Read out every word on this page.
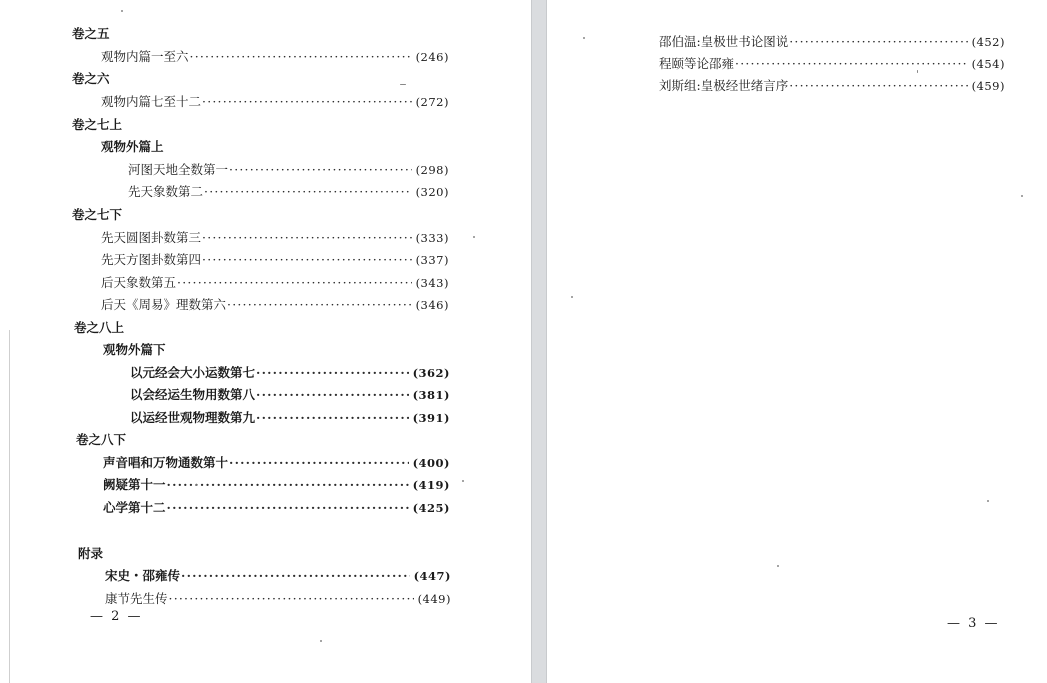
卷之五
观物内篇一至六 ·····	(246)
卷之六
观物内篇七至十二 ·····	(272)
卷之七上
观物外篇上
河图天地全数第一 ·····	(298)
先天象数第二 ·····	(320)
卷之七下
先天圆图卦数第三 ·····	(333)
先天方图卦数第四 ·····	(337)
后天象数第五 ·····	(343)
后天《周易》理数第六 ·····	(346)
卷之八上
观物外篇下
以元经会大小运数第七 ·····	(362)
以会经运生物用数第八 ·····	(381)
以运经世观物理数第九 ·····	(391)
卷之八下
声音唱和万物通数第十 ·····	(400)
阙疑第十一 ·····	(419)
心学第十二 ·····	(425)
附录
宋史・邵雍传 ·····	(447)
康节先生传 ·····	(449)
— 2 —
邵伯温:皇极世书论图说 ·····	(452)
程颐等论邵雍 ·····	(454)
刘斯组:皇极经世绪言序 ·····	(459)
— 3 —
